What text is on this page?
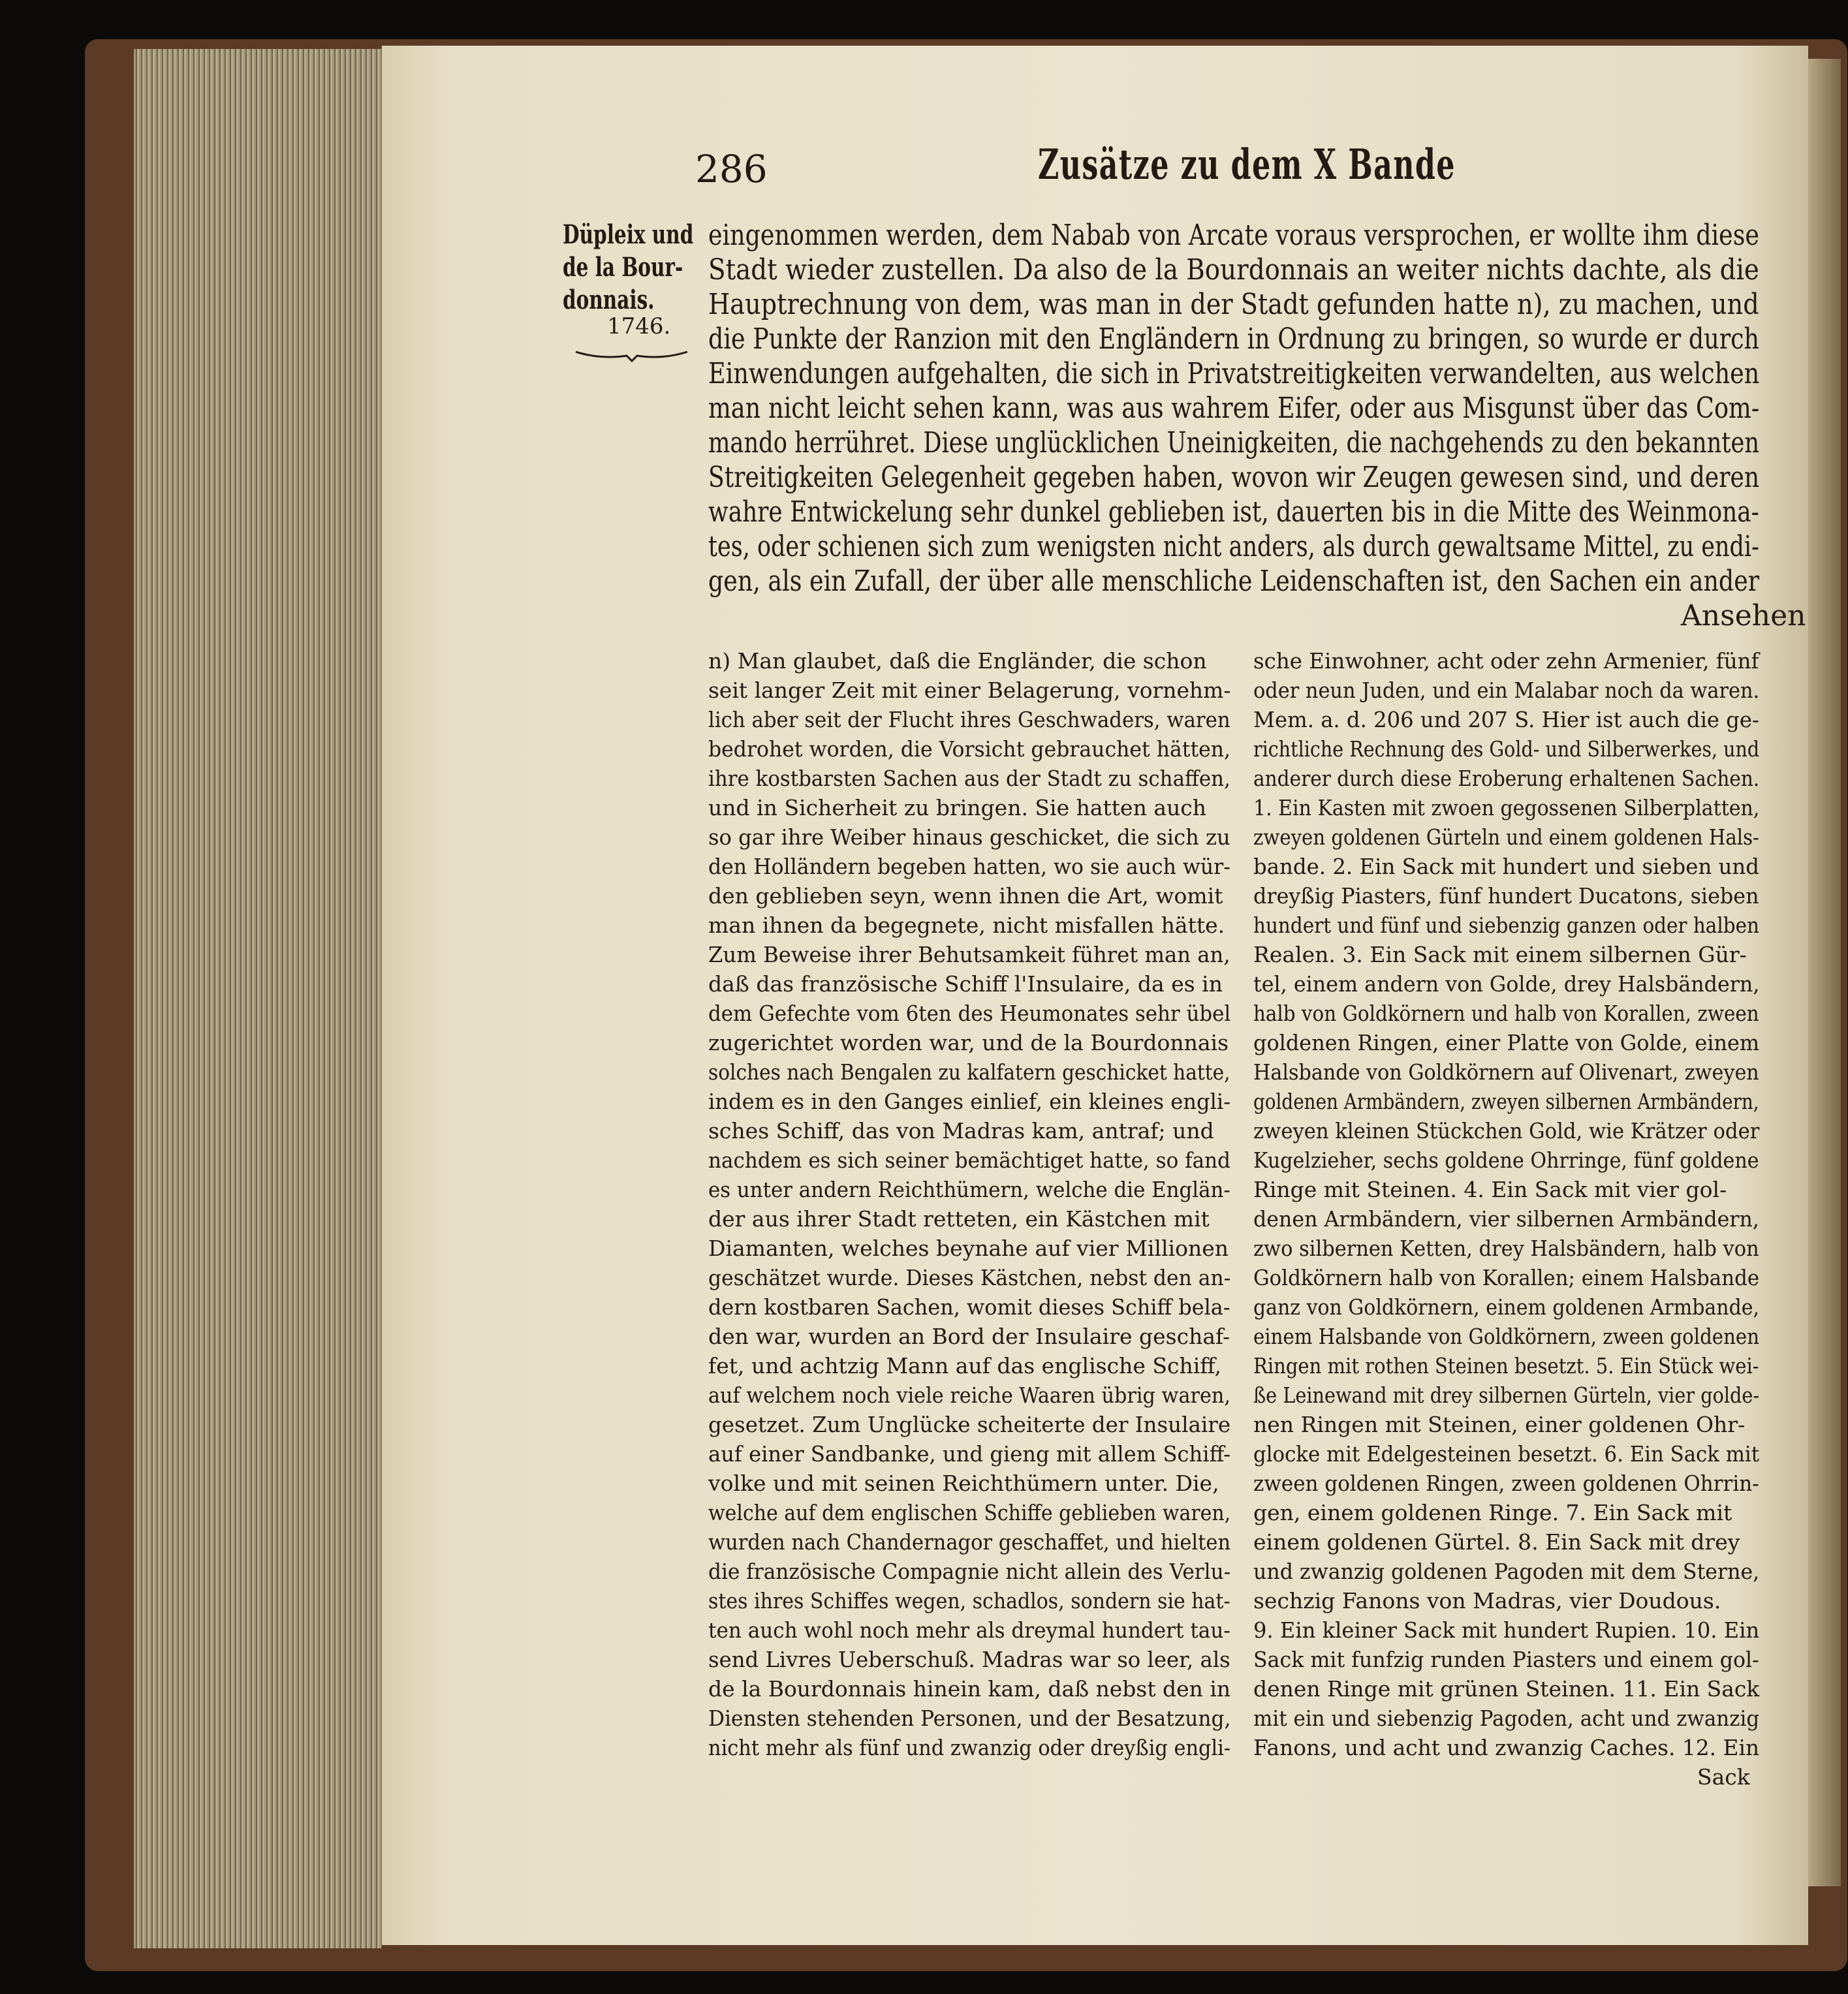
286	Zusätze zu dem X Bande
Düpleix und
de la Bour-
donnais.
1746.
eingenommen werden, dem Nabab von Arcate voraus versprochen, er wollte ihm diese
Stadt wieder zustellen. Da also de la Bourdonnais an weiter nichts dachte, als die
Hauptrechnung von dem, was man in der Stadt gefunden hatte n), zu machen, und
die Punkte der Ranzion mit den Engländern in Ordnung zu bringen, so wurde er durch
Einwendungen aufgehalten, die sich in Privatstreitigkeiten verwandelten, aus welchen
man nicht leicht sehen kann, was aus wahrem Eifer, oder aus Misgunst über das Com-
mando herrühret. Diese unglücklichen Uneinigkeiten, die nachgehends zu den bekannten
Streitigkeiten Gelegenheit gegeben haben, wovon wir Zeugen gewesen sind, und deren
wahre Entwickelung sehr dunkel geblieben ist, dauerten bis in die Mitte des Weinmona-
tes, oder schienen sich zum wenigsten nicht anders, als durch gewaltsame Mittel, zu endi-
gen, als ein Zufall, der über alle menschliche Leidenschaften ist, den Sachen ein ander
Ansehen
n) Man glaubet, daß die Engländer, die schon
seit langer Zeit mit einer Belagerung, vornehm-
lich aber seit der Flucht ihres Geschwaders, waren
bedrohet worden, die Vorsicht gebrauchet hätten,
ihre kostbarsten Sachen aus der Stadt zu schaffen,
und in Sicherheit zu bringen. Sie hatten auch
so gar ihre Weiber hinaus geschicket, die sich zu
den Holländern begeben hatten, wo sie auch wür-
den geblieben seyn, wenn ihnen die Art, womit
man ihnen da begegnete, nicht misfallen hätte.
Zum Beweise ihrer Behutsamkeit führet man an,
daß das französische Schiff l'Insulaire, da es in
dem Gefechte vom 6ten des Heumonates sehr übel
zugerichtet worden war, und de la Bourdonnais
solches nach Bengalen zu kalfatern geschicket hatte,
indem es in den Ganges einlief, ein kleines engli-
sches Schiff, das von Madras kam, antraf; und
nachdem es sich seiner bemächtiget hatte, so fand
es unter andern Reichthümern, welche die Englän-
der aus ihrer Stadt retteten, ein Kästchen mit
Diamanten, welches beynahe auf vier Millionen
geschätzet wurde. Dieses Kästchen, nebst den an-
dern kostbaren Sachen, womit dieses Schiff bela-
den war, wurden an Bord der Insulaire geschaf-
fet, und achtzig Mann auf das englische Schiff,
auf welchem noch viele reiche Waaren übrig waren,
gesetzet. Zum Unglücke scheiterte der Insulaire
auf einer Sandbanke, und gieng mit allem Schiff-
volke und mit seinen Reichthümern unter. Die,
welche auf dem englischen Schiffe geblieben waren,
wurden nach Chandernagor geschaffet, und hielten
die französische Compagnie nicht allein des Verlu-
stes ihres Schiffes wegen, schadlos, sondern sie hat-
ten auch wohl noch mehr als dreymal hundert tau-
send Livres Ueberschuß. Madras war so leer, als
de la Bourdonnais hinein kam, daß nebst den in
Diensten stehenden Personen, und der Besatzung,
nicht mehr als fünf und zwanzig oder dreyßig engli-
sche Einwohner, acht oder zehn Armenier, fünf
oder neun Juden, und ein Malabar noch da waren.
Mem. a. d. 206 und 207 S. Hier ist auch die ge-
richtliche Rechnung des Gold- und Silberwerkes, und
anderer durch diese Eroberung erhaltenen Sachen.
1. Ein Kasten mit zwoen gegossenen Silberplatten,
zweyen goldenen Gürteln und einem goldenen Hals-
bande. 2. Ein Sack mit hundert und sieben und
dreyßig Piasters, fünf hundert Ducatons, sieben
hundert und fünf und siebenzig ganzen oder halben
Realen. 3. Ein Sack mit einem silbernen Gür-
tel, einem andern von Golde, drey Halsbändern,
halb von Goldkörnern und halb von Korallen, zween
goldenen Ringen, einer Platte von Golde, einem
Halsbande von Goldkörnern auf Olivenart, zweyen
goldenen Armbändern, zweyen silbernen Armbändern,
zweyen kleinen Stückchen Gold, wie Krätzer oder
Kugelzieher, sechs goldene Ohrringe, fünf goldene
Ringe mit Steinen. 4. Ein Sack mit vier gol-
denen Armbändern, vier silbernen Armbändern,
zwo silbernen Ketten, drey Halsbändern, halb von
Goldkörnern halb von Korallen; einem Halsbande
ganz von Goldkörnern, einem goldenen Armbande,
einem Halsbande von Goldkörnern, zween goldenen
Ringen mit rothen Steinen besetzt. 5. Ein Stück wei-
ße Leinewand mit drey silbernen Gürteln, vier golde-
nen Ringen mit Steinen, einer goldenen Ohr-
glocke mit Edelgesteinen besetzt. 6. Ein Sack mit
zween goldenen Ringen, zween goldenen Ohrrin-
gen, einem goldenen Ringe. 7. Ein Sack mit
einem goldenen Gürtel. 8. Ein Sack mit drey
und zwanzig goldenen Pagoden mit dem Sterne,
sechzig Fanons von Madras, vier Doudous.
9. Ein kleiner Sack mit hundert Rupien. 10. Ein
Sack mit funfzig runden Piasters und einem gol-
denen Ringe mit grünen Steinen. 11. Ein Sack
mit ein und siebenzig Pagoden, acht und zwanzig
Fanons, und acht und zwanzig Caches. 12. Ein
Sack
